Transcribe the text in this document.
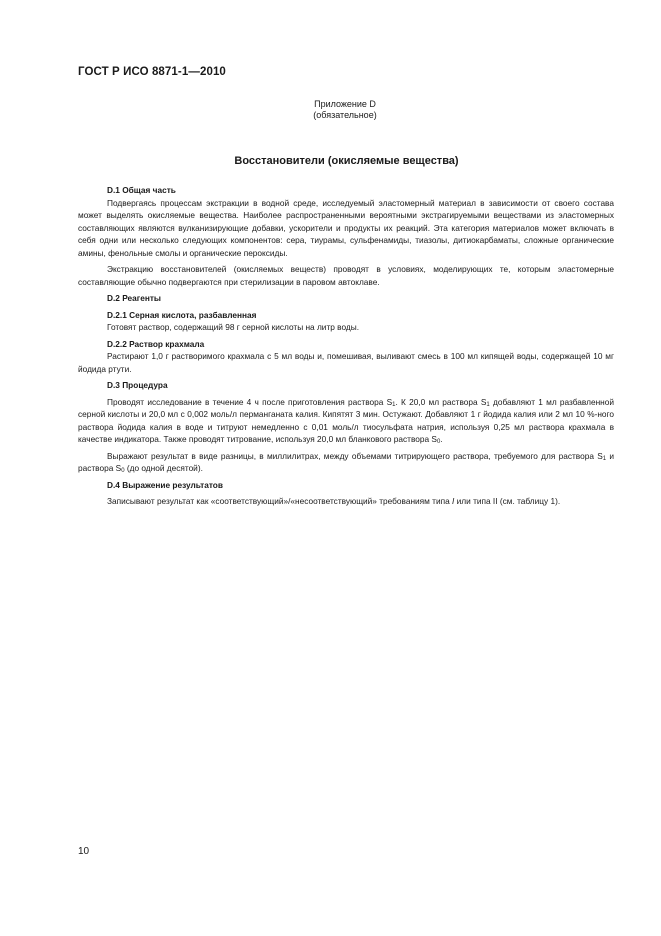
ГОСТ Р ИСО 8871-1—2010
Приложение D
(обязательное)
Восстановители (окисляемые вещества)

D.1 Общая часть

Подвергаясь процессам экстракции в водной среде, исследуемый эластомерный материал в зависимости от своего состава может выделять окисляемые вещества. Наиболее распространенными вероятными экстрагируемыми веществами из эластомерных составляющих являются вулканизирующие добавки, ускорители и продукты их реакций. Эта категория материалов может включать в себя одни или несколько следующих компонентов: сера, тиурамы, сульфенамиды, тиазолы, дитиокарбаматы, сложные органические амины, фенольные смолы и органические пероксиды.

Экстракцию восстановителей (окисляемых веществ) проводят в условиях, моделирующих те, которым эластомерные составляющие обычно подвергаются при стерилизации в паровом автоклаве.

D.2 Реагенты

D.2.1 Серная кислота, разбавленная

Готовят раствор, содержащий 98 г серной кислоты на литр воды.

D.2.2 Раствор крахмала

Растирают 1,0 г растворимого крахмала с 5 мл воды и, помешивая, выливают смесь в 100 мл кипящей воды, содержащей 10 мг йодида ртути.

D.3 Процедура

Проводят исследование в течение 4 ч после приготовления раствора $S_1$. К 20,0 мл раствора $S_1$ добавляют 1 мл разбавленной серной кислоты и 20,0 мл с 0,002 моль/л перманганата калия. Кипятят 3 мин. Остужают. Добавляют 1 г йодида калия или 2 мл 10 %-ного раствора йодида калия в воде и титруют немедленно с 0,01 моль/л тиосульфата натрия, используя 0,25 мл раствора крахмала в качестве индикатора. Также проводят титрование, используя 20,0 мл бланкового раствора $S_0$.

Выражают результат в виде разницы, в миллилитрах, между объемами титрирующего раствора, требуемого для раствора $S_1$ и раствора $S_0$ (до одной десятой).

D.4 Выражение результатов

Записывают результат как «соответствующий»/«несоответствующий» требованиям типа I или типа II (см. таблицу 1).

10
